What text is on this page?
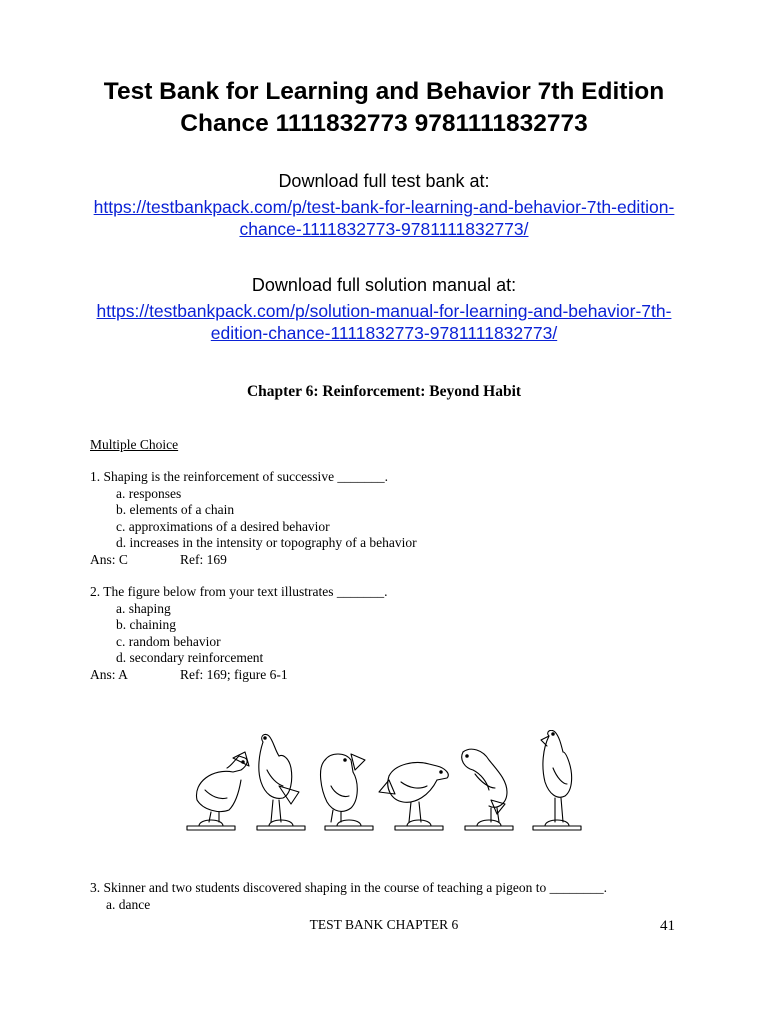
Test Bank for Learning and Behavior 7th Edition
Chance 1111832773 9781111832773
Download full test bank at:
https://testbankpack.com/p/test-bank-for-learning-and-behavior-7th-edition-
chance-1111832773-9781111832773/
Download full solution manual at:
https://testbankpack.com/p/solution-manual-for-learning-and-behavior-7th-
edition-chance-1111832773-9781111832773/
Chapter 6: Reinforcement: Beyond Habit
Multiple Choice

1. Shaping is the reinforcement of successive _______.

a. responses

b. elements of a chain

c. approximations of a desired behavior

d. increases in the intensity or topography of a behavior

Ans: C	Ref: 169

2. The figure below from your text illustrates _______.

a. shaping

b. chaining

c. random behavior

d. secondary reinforcement

Ans: A	Ref: 169; figure 6-1

3. Skinner and two students discovered shaping in the course of teaching a pigeon to ________.

a. dance

TEST BANK CHAPTER 6	41
